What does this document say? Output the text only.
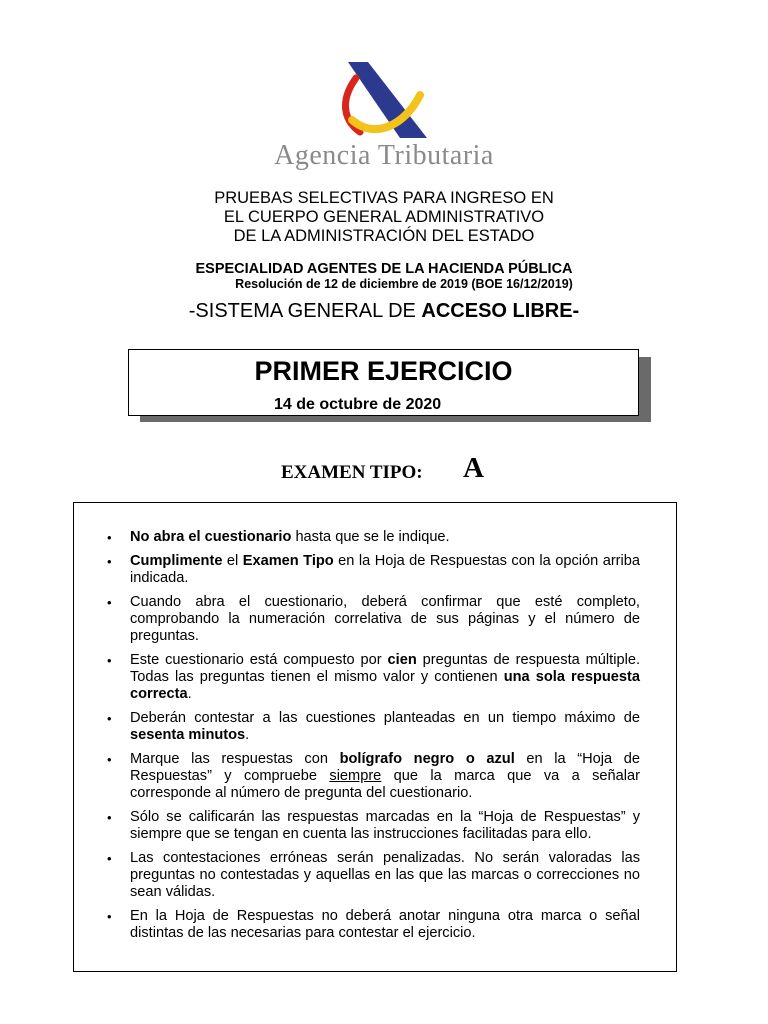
Agencia Tributaria
PRUEBAS SELECTIVAS PARA INGRESO EN
EL CUERPO GENERAL ADMINISTRATIVO
DE LA ADMINISTRACIÓN DEL ESTADO
ESPECIALIDAD AGENTES DE LA HACIENDA PÚBLICA
Resolución de 12 de diciembre de 2019 (BOE 16/12/2019)
-SISTEMA GENERAL DE ACCESO LIBRE-
PRIMER EJERCICIO
14 de octubre de 2020
EXAMEN TIPO: A
• No abra el cuestionario hasta que se le indique.
• Cumplimente el Examen Tipo en la Hoja de Respuestas con la opción arriba indicada.
• Cuando abra el cuestionario, deberá confirmar que esté completo, comprobando la numeración correlativa de sus páginas y el número de preguntas.
• Este cuestionario está compuesto por cien preguntas de respuesta múltiple. Todas las preguntas tienen el mismo valor y contienen una sola respuesta correcta.
• Deberán contestar a las cuestiones planteadas en un tiempo máximo de sesenta minutos.
• Marque las respuestas con bolígrafo negro o azul en la “Hoja de Respuestas” y compruebe siempre que la marca que va a señalar corresponde al número de pregunta del cuestionario.
• Sólo se calificarán las respuestas marcadas en la “Hoja de Respuestas” y siempre que se tengan en cuenta las instrucciones facilitadas para ello.
• Las contestaciones erróneas serán penalizadas. No serán valoradas las preguntas no contestadas y aquellas en las que las marcas o correcciones no sean válidas.
• En la Hoja de Respuestas no deberá anotar ninguna otra marca o señal distintas de las necesarias para contestar el ejercicio.
